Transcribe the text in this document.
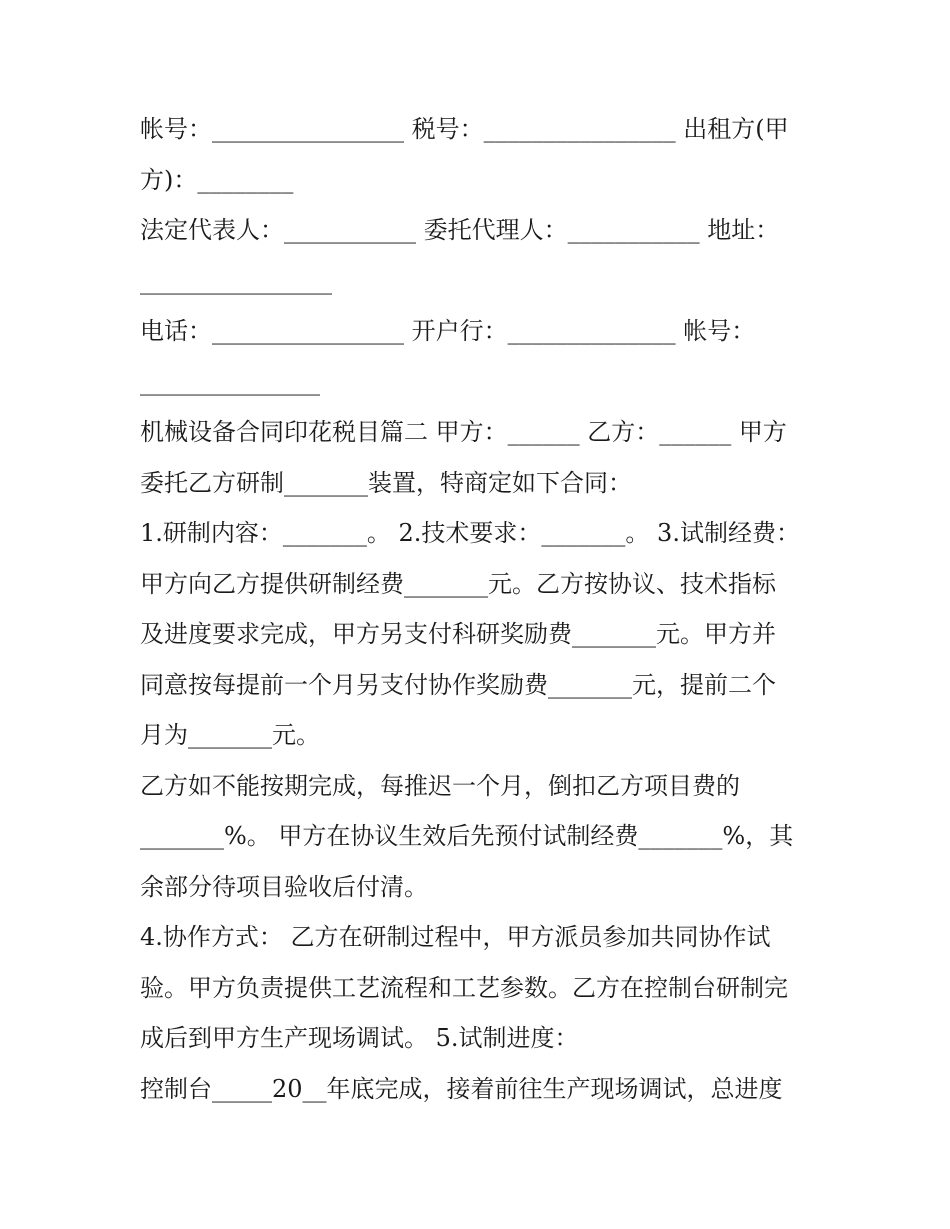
帐号：________________ 税号：________________ 出租方(甲
方)：________
法定代表人：___________ 委托代理人：___________ 地址：
________________
电话：________________ 开户行：______________ 帐号：
_______________
机械设备合同印花税目篇二 甲方：______ 乙方：______ 甲方
委托乙方研制_______装置，特商定如下合同：
1.研制内容：_______。 2.技术要求：_______。 3.试制经费：
甲方向乙方提供研制经费_______元。乙方按协议、技术指标
及进度要求完成，甲方另支付科研奖励费_______元。甲方并
同意按每提前一个月另支付协作奖励费_______元，提前二个
月为_______元。
乙方如不能按期完成，每推迟一个月，倒扣乙方项目费的
_______%。 甲方在协议生效后先预付试制经费_______%，其
余部分待项目验收后付清。
4.协作方式： 乙方在研制过程中，甲方派员参加共同协作试
验。甲方负责提供工艺流程和工艺参数。乙方在控制台研制完
成后到甲方生产现场调试。 5.试制进度：
控制台_____20__年底完成，接着前往生产现场调试，总进度
